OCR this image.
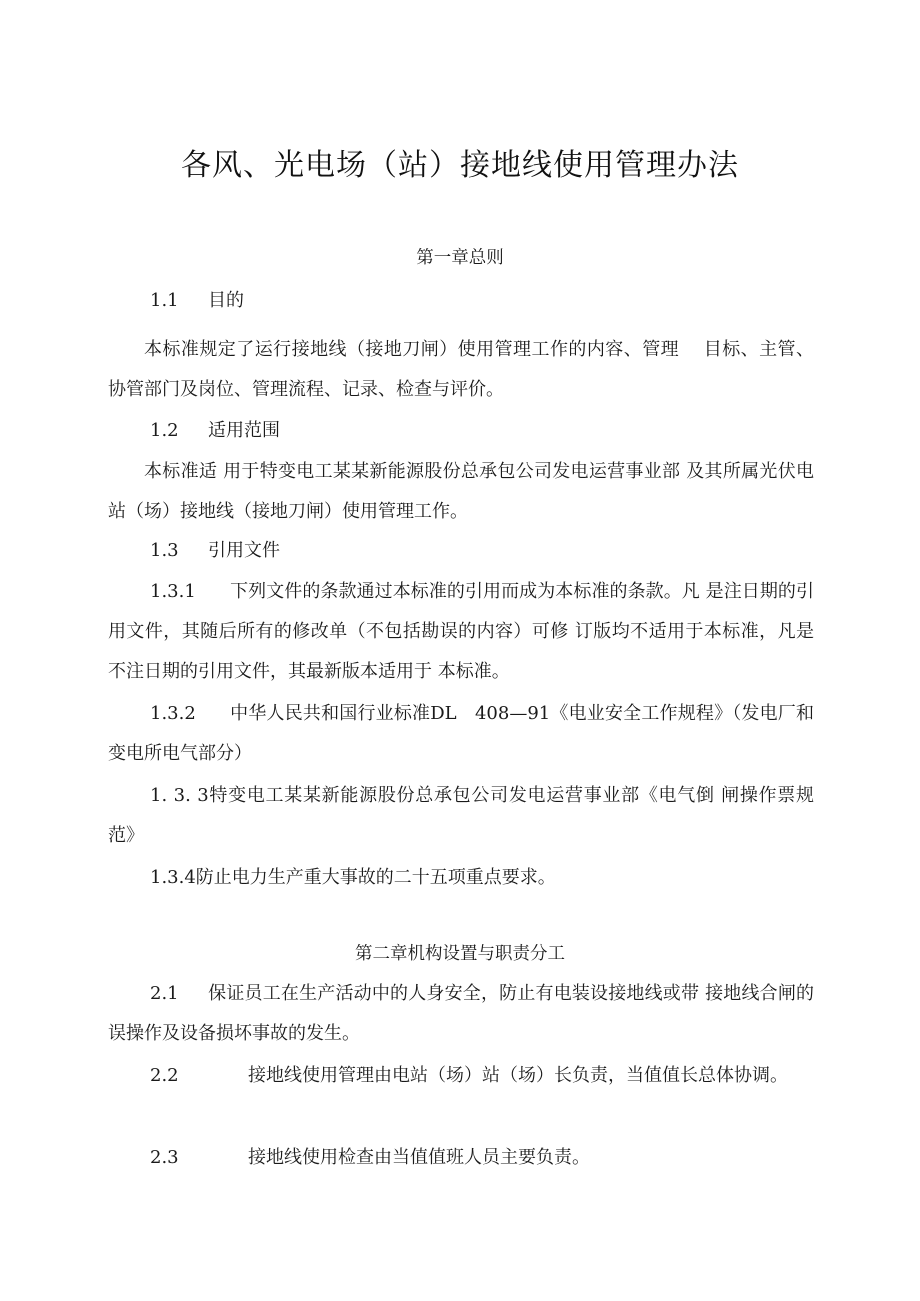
各风、光电场（站）接地线使用管理办法
第一章总则
1.1 目的
本标准规定了运行接地线（接地刀闸）使用管理工作的内容、管理　 目标、主管、协管部门及岗位、管理流程、记录、检查与评价。
1.2 适用范围
本标准适 用于特变电工某某新能源股份总承包公司发电运营事业部 及其所属光伏电站（场）接地线（接地刀闸）使用管理工作。
1.3 引用文件
1.3.1 下列文件的条款通过本标准的引用而成为本标准的条款。凡 是注日期的引用文件，其随后所有的修改单（不包括勘误的内容）可修 订版均不适用于本标准，凡是不注日期的引用文件，其最新版本适用于 本标准。
1.3.2 中华人民共和国行业标准DL　408—91《电业安全工作规程》（发电厂和变电所电气部分）
1. 3. 3特变电工某某新能源股份总承包公司发电运营事业部《电气倒 闸操作票规范》
1.3.4防止电力生产重大事故的二十五项重点要求。
第二章机构设置与职责分工
2.1 保证员工在生产活动中的人身安全，防止有电装设接地线或带 接地线合闸的误操作及设备损坏事故的发生。
2.2	接地线使用管理由电站（场）站（场）长负责，当值值长总体协调。
2.3	接地线使用检查由当值值班人员主要负责。
